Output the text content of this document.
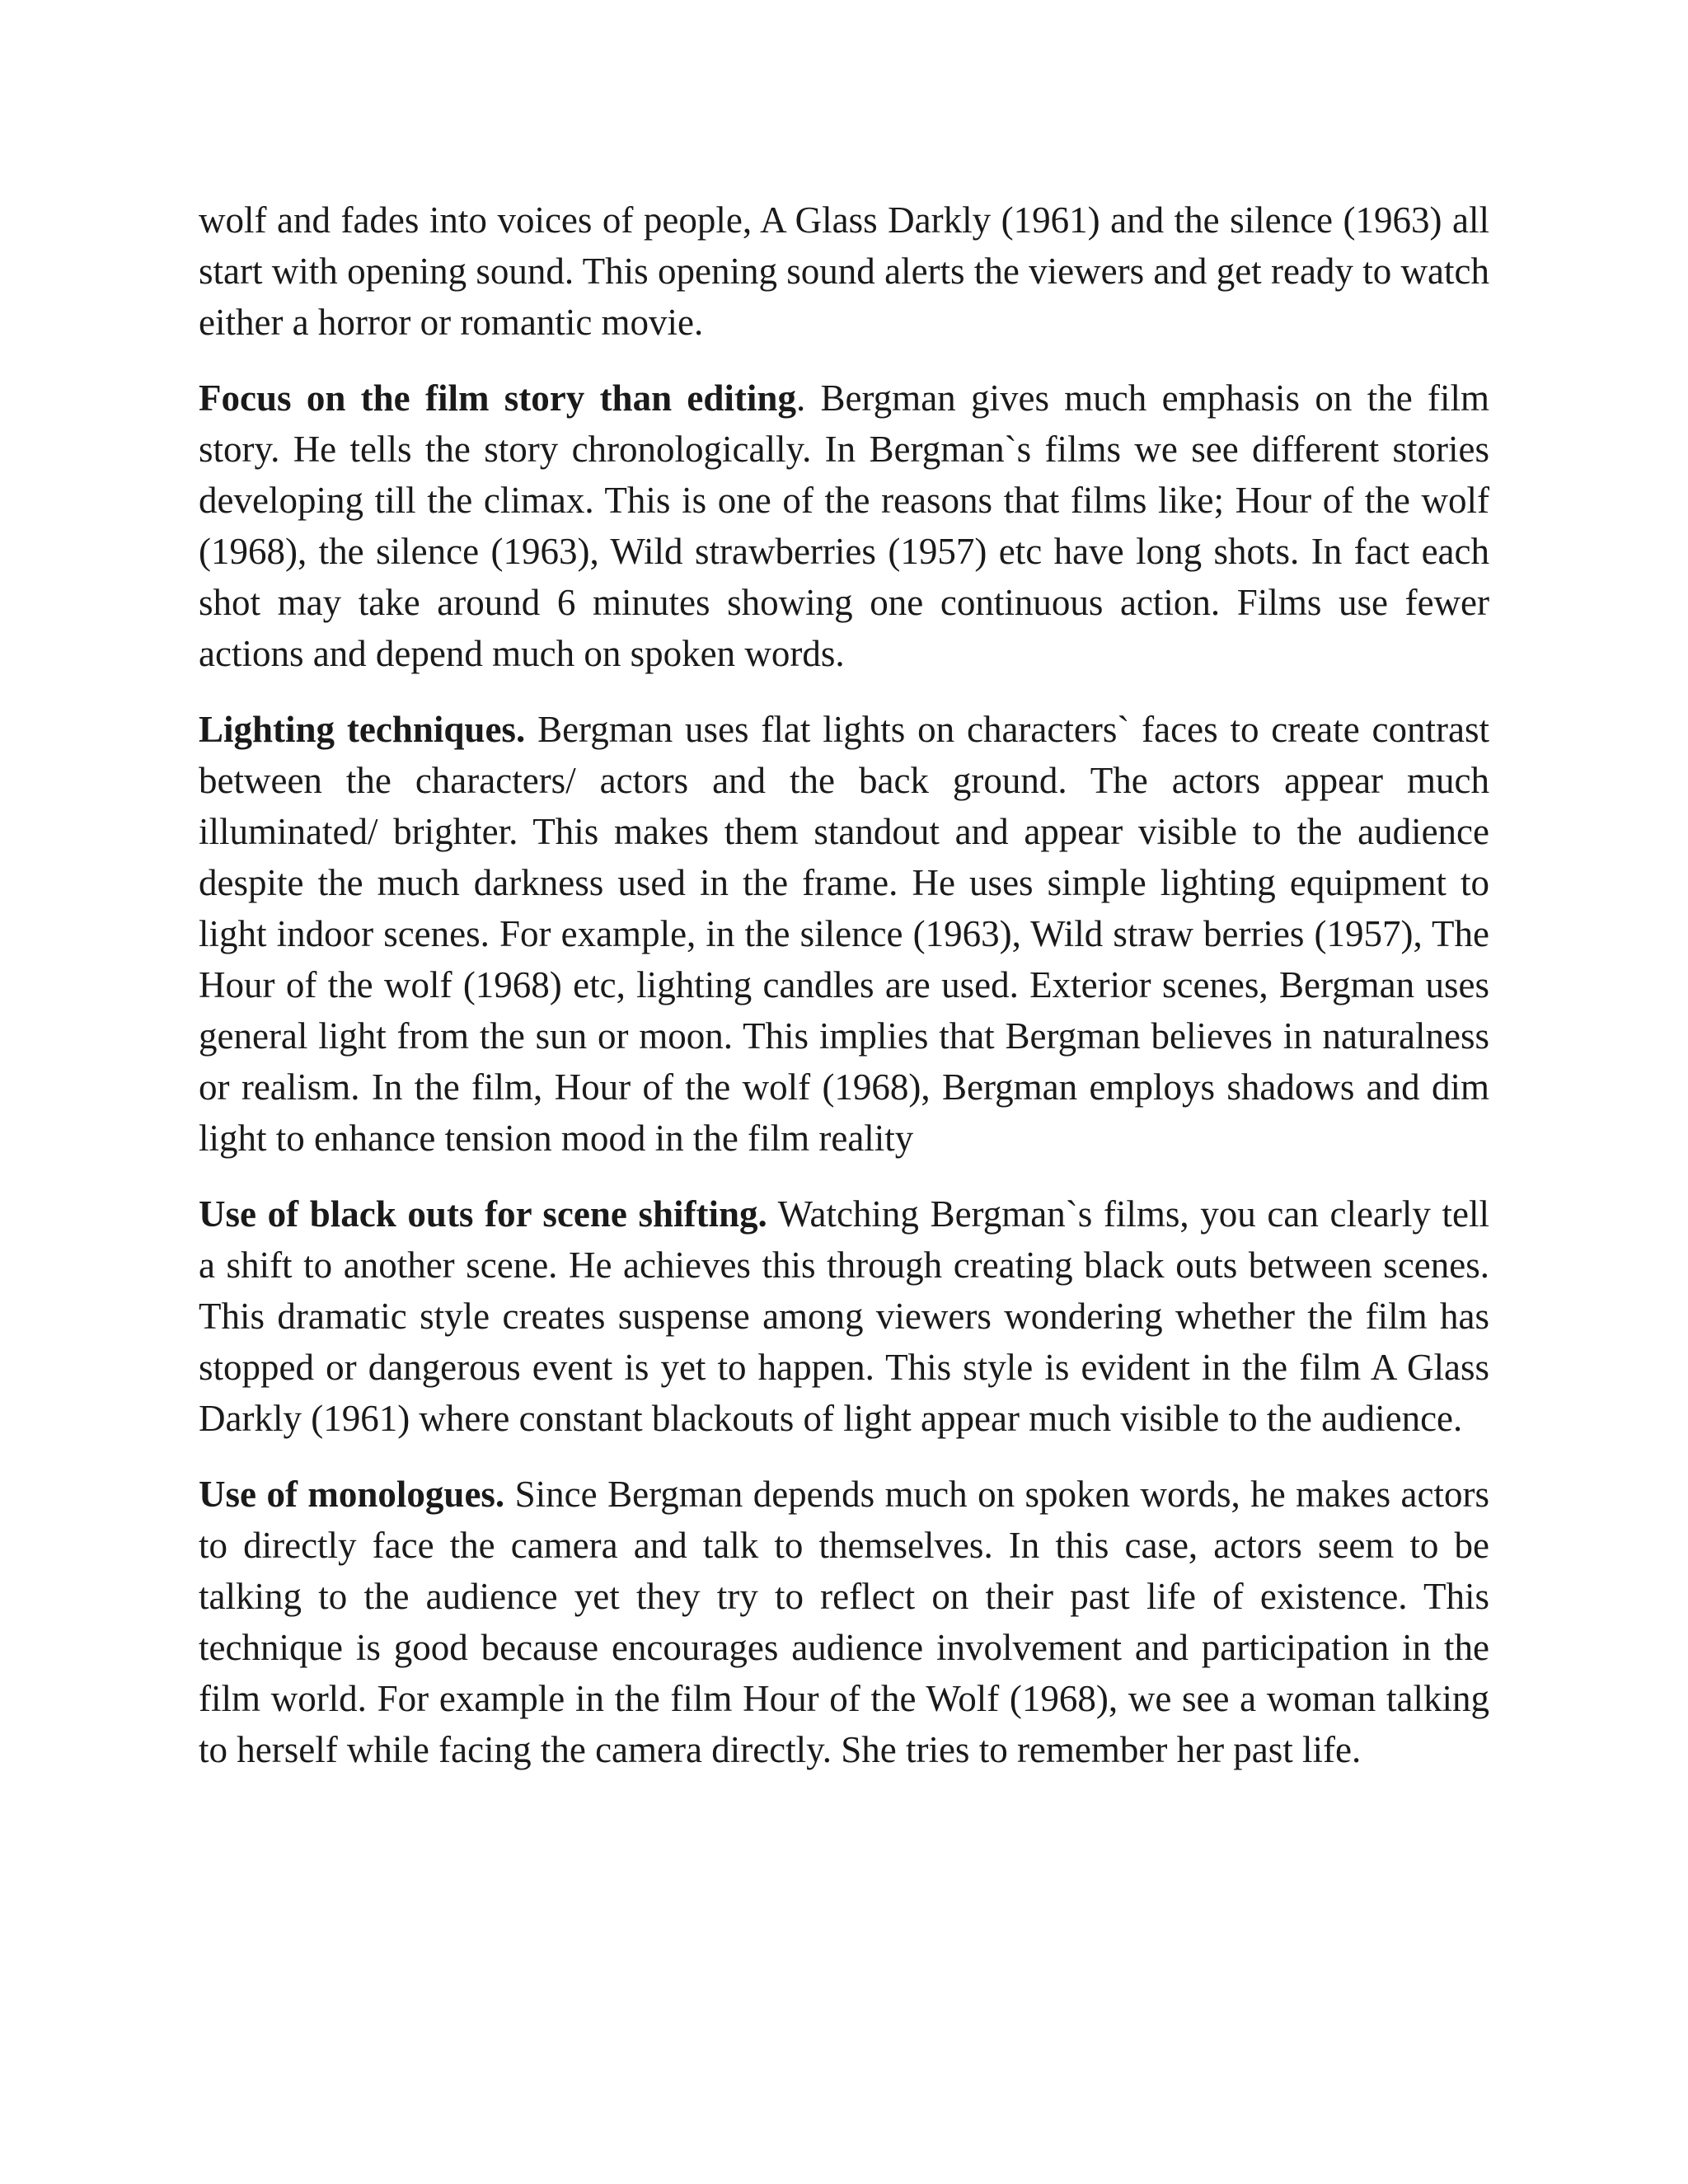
wolf and fades into voices of people, A Glass Darkly (1961) and the silence (1963) all start with opening sound. This opening sound alerts the viewers and get ready to watch either a horror or romantic movie.

Focus on the film story than editing. Bergman gives much emphasis on the film story. He tells the story chronologically. In Bergman`s films we see different stories developing till the climax. This is one of the reasons that films like; Hour of the wolf (1968), the silence (1963), Wild strawberries (1957) etc have long shots. In fact each shot may take around 6 minutes showing one continuous action. Films use fewer actions and depend much on spoken words.

Lighting techniques. Bergman uses flat lights on characters` faces to create contrast between the characters/ actors and the back ground. The actors appear much illuminated/ brighter. This makes them standout and appear visible to the audience despite the much darkness used in the frame. He uses simple lighting equipment to light indoor scenes. For example, in the silence (1963), Wild straw berries (1957), The Hour of the wolf (1968) etc, lighting candles are used. Exterior scenes, Bergman uses general light from the sun or moon. This implies that Bergman believes in naturalness or realism. In the film, Hour of the wolf (1968), Bergman employs shadows and dim light to enhance tension mood in the film reality

Use of black outs for scene shifting. Watching Bergman`s films, you can clearly tell a shift to another scene. He achieves this through creating black outs between scenes. This dramatic style creates suspense among viewers wondering whether the film has stopped or dangerous event is yet to happen. This style is evident in the film A Glass Darkly (1961) where constant blackouts of light appear much visible to the audience.

Use of monologues. Since Bergman depends much on spoken words, he makes actors to directly face the camera and talk to themselves. In this case, actors seem to be talking to the audience yet they try to reflect on their past life of existence. This technique is good because encourages audience involvement and participation in the film world. For example in the film Hour of the Wolf (1968), we see a woman talking to herself while facing the camera directly. She tries to remember her past life.
